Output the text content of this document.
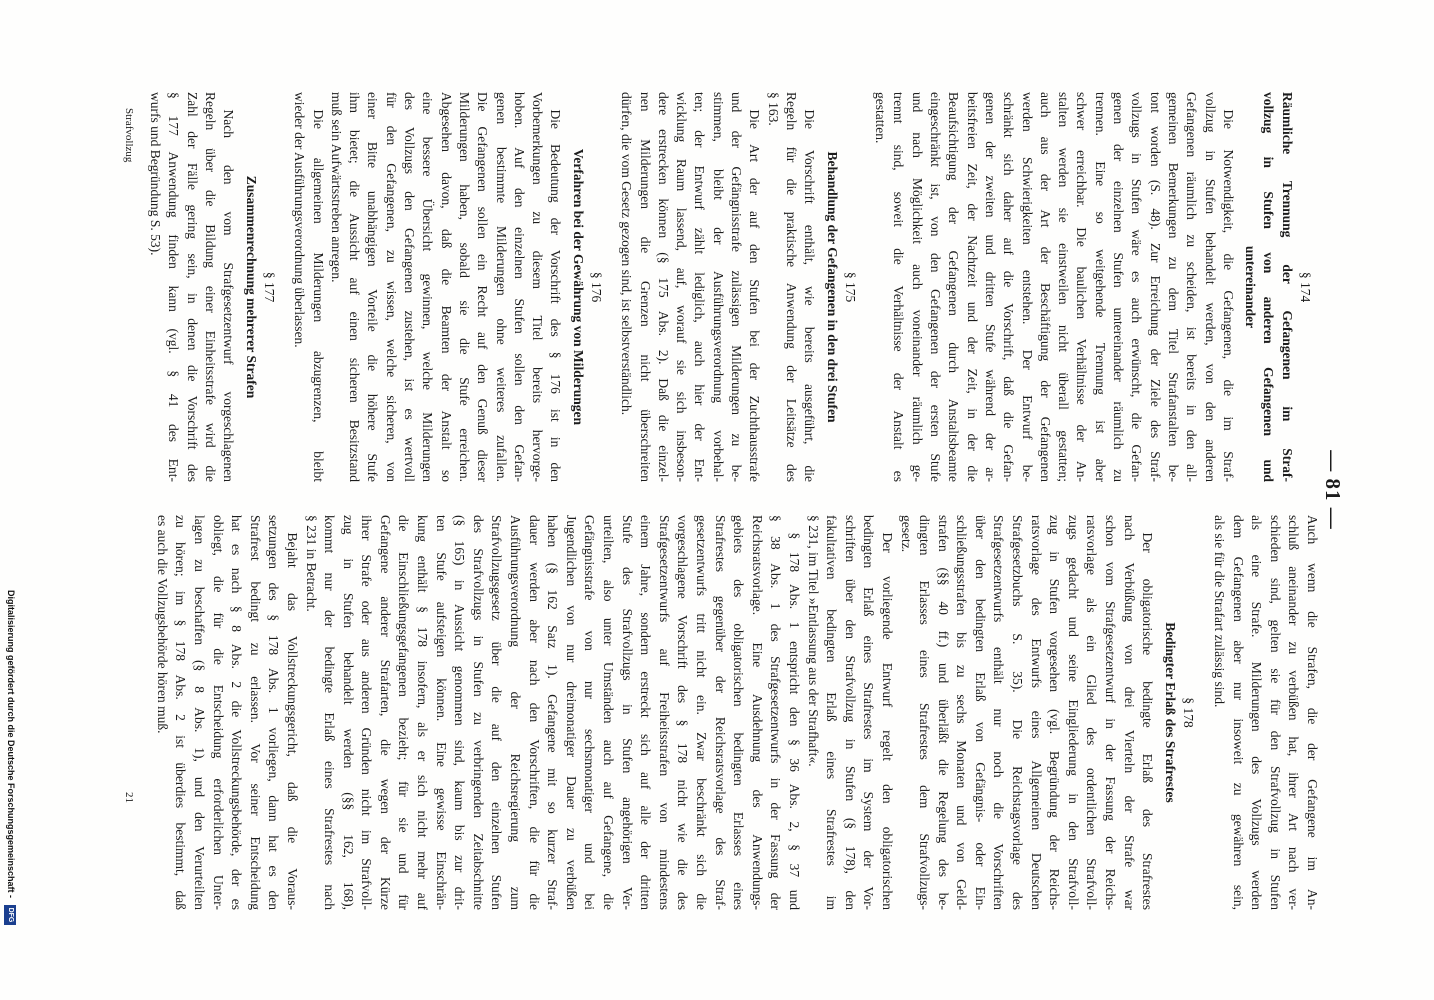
— 81 —
§ 174
Räumliche Trennung der Gefangenen im Straf-
vollzug in Stufen von anderen Gefangenen und
untereinander
Die Notwendigkeit, die Gefangenen, die im Straf-
vollzug in Stufen behandelt werden, von den anderen
Gefangenen räumlich zu scheiden, ist bereits in den all-
gemeinen Bemerkungen zu dem Titel Strafanstalten be-
tont worden (S. 48). Zur Erreichung der Ziele des Straf-
vollzugs in Stufen wäre es auch erwünscht, die Gefan-
genen der einzelnen Stufen untereinander räumlich zu
trennen. Eine so weitgehende Trennung ist aber
schwer erreichbar. Die baulichen Verhältnisse der An-
stalten werden sie einstweilen nicht überall gestatten;
auch aus der Art der Beschäftigung der Gefangenen
werden Schwierigkeiten entstehen. Der Entwurf be-
schränkt sich daher auf die Vorschrift, daß die Gefan-
genen der zweiten und dritten Stufe während der ar-
beitsfreien Zeit, der Nachtzeit und der Zeit, in der die
Beaufsichtigung der Gefangenen durch Anstaltsbeamte
eingeschränkt ist, von den Gefangenen der ersten Stufe
und nach Möglichkeit auch voneinander räumlich ge-
trennt sind, soweit die Verhältnisse der Anstalt es
gestatten.
§ 175
Behandlung der Gefangenen in den drei Stufen
Die Vorschrift enthält, wie bereits ausgeführt, die
Regeln für die praktische Anwendung der Leitsätze des
§ 163.
Die Art der auf den Stufen bei der Zuchthausstrafe
und der Gefängnisstrafe zulässigen Milderungen zu be-
stimmen, bleibt der Ausführungsverordnung vorbehal-
ten; der Entwurf zählt lediglich, auch hier der Ent-
wicklung Raum lassend, auf, worauf sie sich insbeson-
dere erstrecken können (§ 175 Abs. 2). Daß die einzel-
nen Milderungen die Grenzen nicht überschreiten
dürfen, die vom Gesetz gezogen sind, ist selbstverständlich.
§ 176
Verfahren bei der Gewährung von Milderungen
Die Bedeutung der Vorschrift des § 176 ist in den
Vorbemerkungen zu diesem Titel bereits hervorge-
hoben. Auf den einzelnen Stufen sollen den Gefan-
genen bestimmte Milderungen ohne weiteres zufallen.
Die Gefangenen sollen ein Recht auf den Genuß dieser
Milderungen haben, sobald sie die Stufe erreichen.
Abgesehen davon, daß die Beamten der Anstalt so
eine bessere Übersicht gewinnen, welche Milderungen
des Vollzugs den Gefangenen zustehen, ist es wertvoll
für den Gefangenen, zu wissen, welche sicheren, von
einer Bitte unabhängigen Vorteile die höhere Stufe
ihm bietet; die Aussicht auf einen sicheren Besitzstand
muß sein Aufwärtsstreben anregen.
Die allgemeinen Milderungen abzugrenzen, bleibt
wieder der Ausführungsverordnung überlassen.
§ 177
Zusammenrechnung mehrerer Strafen
Nach den vom Strafgesetzentwurf vorgeschlagenen
Regeln über die Bildung einer Einheitsstrafe wird die
Zahl der Fälle gering sein, in denen die Vorschrift des
§ 177 Anwendung finden kann (vgl. § 41 des Ent-
wurfs und Begründung S. 53).
Auch wenn die Strafen, die der Gefangene im An-
schluß aneinander zu verbüßen hat, ihrer Art nach ver-
schieden sind, gelten sie für den Strafvollzug in Stufen
als eine Strafe. Milderungen des Vollzugs werden
dem Gefangenen aber nur insoweit zu gewähren sein,
als sie für die Strafart zulässig sind.
§ 178
Bedingter Erlaß des Strafrestes
Der obligatorische bedingte Erlaß des Strafrestes
nach Verbüßung von drei Vierteln der Strafe war
schon vom Strafgesetzentwurf in der Fassung der Reichs-
ratsvorlage als ein Glied des ordentlichen Strafvoll-
zugs gedacht und seine Eingliederung in den Strafvoll-
zug in Stufen vorgesehen (vgl. Begründung der Reichs-
ratsvorlage des Entwurfs eines Allgemeinen Deutschen
Strafgesetzbuchs S. 35). Die Reichstagsvorlage des
Strafgesetzentwurfs enthält nur noch die Vorschriften
über den bedingten Erlaß von Gefängnis- oder Ein-
schließungsstrafen bis zu sechs Monaten und von Geld-
strafen (§§ 40 ff.) und überläßt die Regelung des be-
dingten Erlasses eines Strafrestes dem Strafvollzugs-
gesetz.
Der vorliegende Entwurf regelt den obligatorischen
bedingten Erlaß eines Strafrestes im System der Vor-
schriften über den Strafvollzug in Stufen (§ 178), den
fakultativen bedingten Erlaß eines Strafrestes im
§ 231, im Titel »Entlassung aus der Strafhaft«.
§ 178 Abs. 1 entspricht den § 36 Abs. 2, § 37 und
§ 38 Abs. 1 des Strafgesetzentwurfs in der Fassung der
Reichsratsvorlage. Eine Ausdehnung des Anwendungs-
gebiets des obligatorischen bedingten Erlasses eines
Strafrestes gegenüber der Reichsratsvorlage des Straf-
gesetzentwurfs tritt nicht ein. Zwar beschränkt sich die
vorgeschlagene Vorschrift des § 178 nicht wie die des
Strafgesetzentwurfs auf Freiheitsstrafen von mindestens
einem Jahre, sondern erstreckt sich auf alle der dritten
Stufe des Strafvollzugs in Stufen angehörigen Ver-
urteilten, also unter Umständen auch auf Gefangene, die
Gefängnisstrafe von nur sechsmonatiger und bei
Jugendlichen von nur dreimonatiger Dauer zu verbüßen
haben (§ 162 Satz 1). Gefangene mit so kurzer Straf-
dauer werden aber nach den Vorschriften, die für die
Ausführungsverordnung der Reichsregierung zum
Strafvollzugsgesetz über die auf den einzelnen Stufen
des Strafvollzugs in Stufen zu verbringenden Zeitabschnitte
(§ 165) in Aussicht genommen sind, kaum bis zur drit-
ten Stufe aufsteigen können. Eine gewisse Einschrän-
kung enthält § 178 insofern, als er sich nicht mehr auf
die Einschließungsgefangenen bezieht; für sie und für
Gefangene anderer Strafarten, die wegen der Kürze
ihrer Strafe oder aus anderen Gründen nicht im Strafvoll-
zug in Stufen behandelt werden (§§ 162, 168),
kommt nur der bedingte Erlaß eines Strafrestes nach
§ 231 in Betracht.
Bejaht das Vollstreckungsgericht, daß die Voraus-
setzungen des § 178 Abs. 1 vorliegen, dann hat es den
Strafrest bedingt zu erlassen. Vor seiner Entscheidung
hat es nach § 8 Abs. 2 die Vollstreckungsbehörde, der es
obliegt, die für die Entscheidung erforderlichen Unter-
lagen zu beschaffen (§ 8 Abs. 1), und den Verurteilten
zu hören; im § 178 Abs. 2 ist überdies bestimmt, daß
es auch die Vollzugsbehörde hören muß.
Strafvollzug
21
Digitalisierung gefördert durch die Deutsche Forschungsgemeinschaft - DFG
